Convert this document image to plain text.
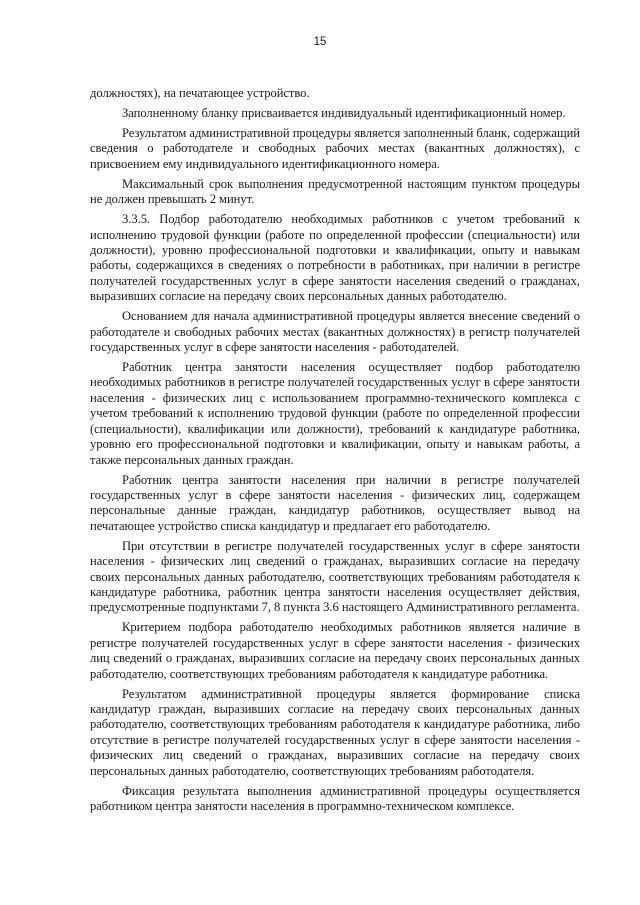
15

должностях), на печатающее устройство.

Заполненному бланку присваивается индивидуальный идентификационный номер.

Результатом административной процедуры является заполненный бланк, содержащий сведения о работодателе и свободных рабочих местах (вакантных должностях), с присвоением ему индивидуального идентификационного номера.

Максимальный срок выполнения предусмотренной настоящим пунктом процедуры не должен превышать 2 минут.

3.3.5. Подбор работодателю необходимых работников с учетом требований к исполнению трудовой функции (работе по определенной профессии (специальности) или должности), уровню профессиональной подготовки и квалификации, опыту и навыкам работы, содержащихся в сведениях о потребности в работниках, при наличии в регистре получателей государственных услуг в сфере занятости населения сведений о гражданах, выразивших согласие на передачу своих персональных данных работодателю.

Основанием для начала административной процедуры является внесение сведений о работодателе и свободных рабочих местах (вакантных должностях) в регистр получателей государственных услуг в сфере занятости населения - работодателей.

Работник центра занятости населения осуществляет подбор работодателю необходимых работников в регистре получателей государственных услуг в сфере занятости населения - физических лиц с использованием программно-технического комплекса с учетом требований к исполнению трудовой функции (работе по определенной профессии (специальности), квалификации или должности), требований к кандидатуре работника, уровню его профессиональной подготовки и квалификации, опыту и навыкам работы, а также персональных данных граждан.

Работник центра занятости населения при наличии в регистре получателей государственных услуг в сфере занятости населения - физических лиц, содержащем персональные данные граждан, кандидатур работников, осуществляет вывод на печатающее устройство списка кандидатур и предлагает его работодателю.

При отсутствии в регистре получателей государственных услуг в сфере занятости населения - физических лиц сведений о гражданах, выразивших согласие на передачу своих персональных данных работодателю, соответствующих требованиям работодателя к кандидатуре работника, работник центра занятости населения осуществляет действия, предусмотренные подпунктами 7, 8 пункта 3.6 настоящего Административного регламента.

Критерием подбора работодателю необходимых работников является наличие в регистре получателей государственных услуг в сфере занятости населения - физических лиц сведений о гражданах, выразивших согласие на передачу своих персональных данных работодателю, соответствующих требованиям работодателя к кандидатуре работника.

Результатом административной процедуры является формирование списка кандидатур граждан, выразивших согласие на передачу своих персональных данных работодателю, соответствующих требованиям работодателя к кандидатуре работника, либо отсутствие в регистре получателей государственных услуг в сфере занятости населения - физических лиц сведений о гражданах, выразивших согласие на передачу своих персональных данных работодателю, соответствующих требованиям работодателя.

Фиксация результата выполнения административной процедуры осуществляется работником центра занятости населения в программно-техническом комплексе.
